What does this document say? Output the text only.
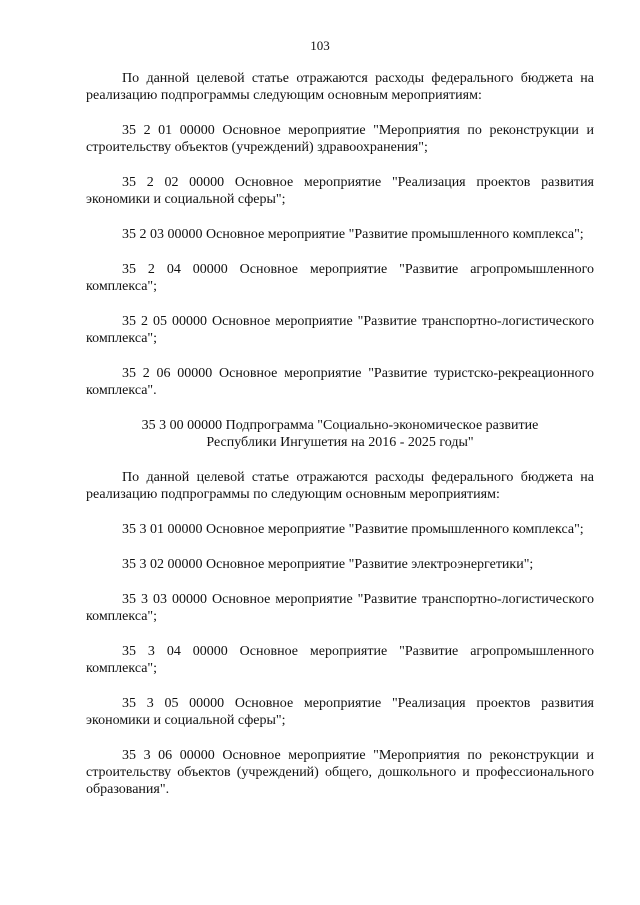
103

По данной целевой статье отражаются расходы федерального бюджета на реализацию подпрограммы следующим основным мероприятиям:

35 2 01 00000 Основное мероприятие "Мероприятия по реконструкции и строительству объектов (учреждений) здравоохранения";

35 2 02 00000 Основное мероприятие "Реализация проектов развития экономики и социальной сферы";

35 2 03 00000 Основное мероприятие "Развитие промышленного комплекса";

35 2 04 00000 Основное мероприятие "Развитие агропромышленного комплекса";

35 2 05 00000 Основное мероприятие "Развитие транспортно-логистического комплекса";

35 2 06 00000 Основное мероприятие "Развитие туристско-рекреационного комплекса".

35 3 00 00000 Подпрограмма "Социально-экономическое развитие Республики Ингушетия на 2016 - 2025 годы"

По данной целевой статье отражаются расходы федерального бюджета на реализацию подпрограммы по следующим основным мероприятиям:

35 3 01 00000 Основное мероприятие "Развитие промышленного комплекса";

35 3 02 00000 Основное мероприятие "Развитие электроэнергетики";

35 3 03 00000 Основное мероприятие "Развитие транспортно-логистического комплекса";

35 3 04 00000 Основное мероприятие "Развитие агропромышленного комплекса";

35 3 05 00000 Основное мероприятие "Реализация проектов развития экономики и социальной сферы";

35 3 06 00000 Основное мероприятие "Мероприятия по реконструкции и строительству объектов (учреждений) общего, дошкольного и профессионального образования".
